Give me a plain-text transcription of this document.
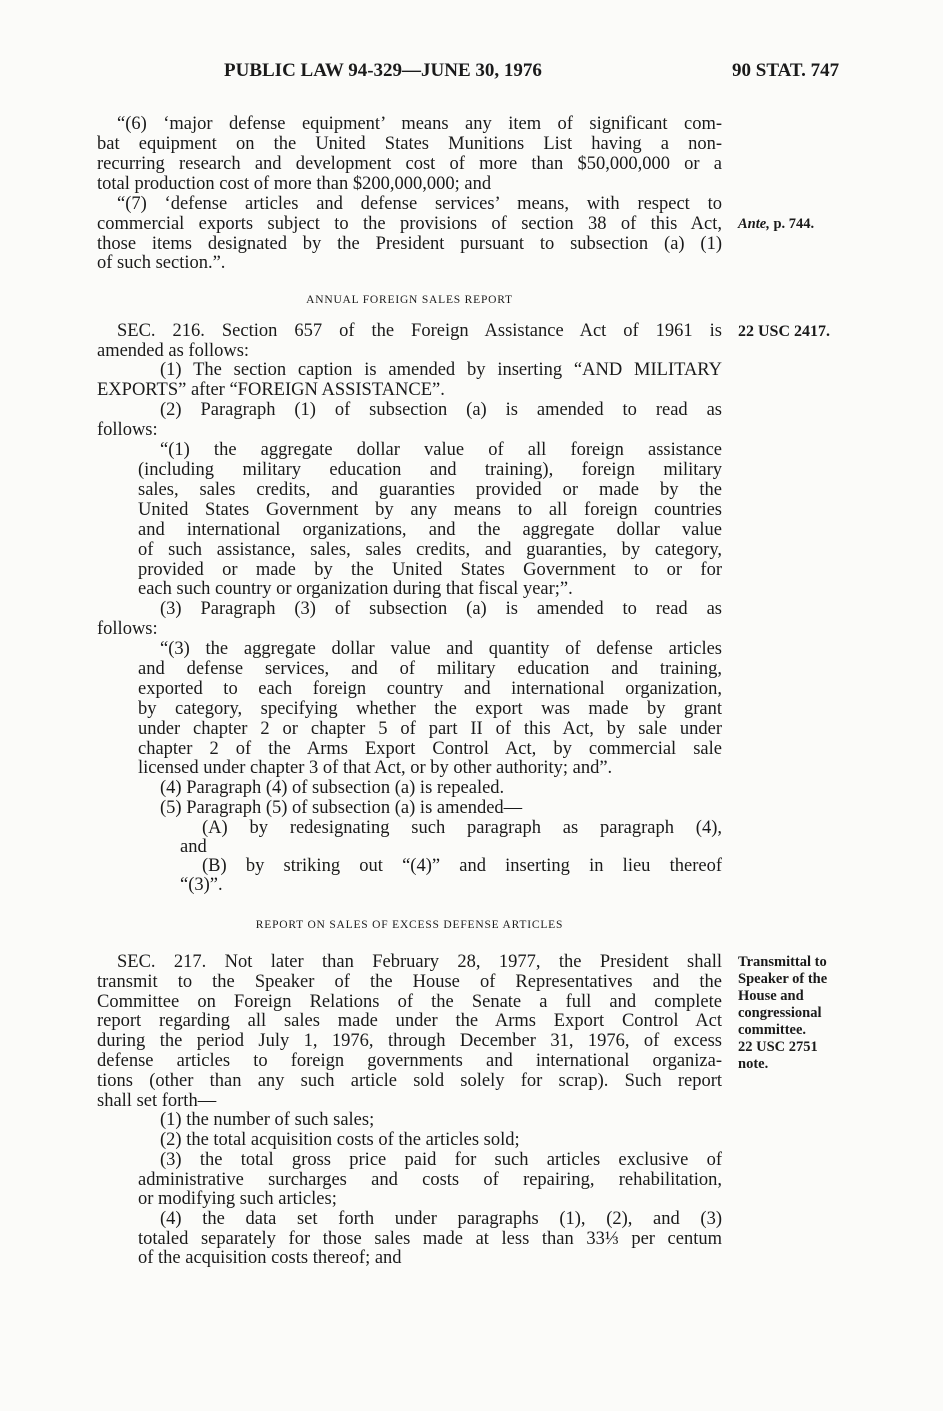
PUBLIC LAW 94-329—JUNE 30, 1976	90 STAT. 747
“(6) ‘major defense equipment’ means any item of significant com-
bat equipment on the United States Munitions List having a non-
recurring research and development cost of more than $50,000,000 or a
total production cost of more than $200,000,000; and
“(7) ‘defense articles and defense services’ means, with respect to
commercial exports subject to the provisions of section 38 of this Act,
those items designated by the President pursuant to subsection (a) (1)
of such section.”.
ANNUAL FOREIGN SALES REPORT
SEC. 216. Section 657 of the Foreign Assistance Act of 1961 is
amended as follows:
(1) The section caption is amended by inserting “AND MILITARY
EXPORTS” after “FOREIGN ASSISTANCE”.
(2) Paragraph (1) of subsection (a) is amended to read as
follows:
“(1) the aggregate dollar value of all foreign assistance
(including military education and training), foreign military
sales, sales credits, and guaranties provided or made by the
United States Government by any means to all foreign countries
and international organizations, and the aggregate dollar value
of such assistance, sales, sales credits, and guaranties, by category,
provided or made by the United States Government to or for
each such country or organization during that fiscal year;”.
(3) Paragraph (3) of subsection (a) is amended to read as
follows:
“(3) the aggregate dollar value and quantity of defense articles
and defense services, and of military education and training,
exported to each foreign country and international organization,
by category, specifying whether the export was made by grant
under chapter 2 or chapter 5 of part II of this Act, by sale under
chapter 2 of the Arms Export Control Act, by commercial sale
licensed under chapter 3 of that Act, or by other authority; and”.
(4) Paragraph (4) of subsection (a) is repealed.
(5) Paragraph (5) of subsection (a) is amended—
(A) by redesignating such paragraph as paragraph (4),
and
(B) by striking out “(4)” and inserting in lieu thereof
“(3)”.
REPORT ON SALES OF EXCESS DEFENSE ARTICLES
SEC. 217. Not later than February 28, 1977, the President shall
transmit to the Speaker of the House of Representatives and the
Committee on Foreign Relations of the Senate a full and complete
report regarding all sales made under the Arms Export Control Act
during the period July 1, 1976, through December 31, 1976, of excess
defense articles to foreign governments and international organiza-
tions (other than any such article sold solely for scrap). Such report
shall set forth—
(1) the number of such sales;
(2) the total acquisition costs of the articles sold;
(3) the total gross price paid for such articles exclusive of
administrative surcharges and costs of repairing, rehabilitation,
or modifying such articles;
(4) the data set forth under paragraphs (1), (2), and (3)
totaled separately for those sales made at less than 33⅓ per centum
of the acquisition costs thereof; and
Ante, p. 744.
22 USC 2417.
Transmittal to
Speaker of the
House and
congressional
committee.
22 USC 2751
note.
